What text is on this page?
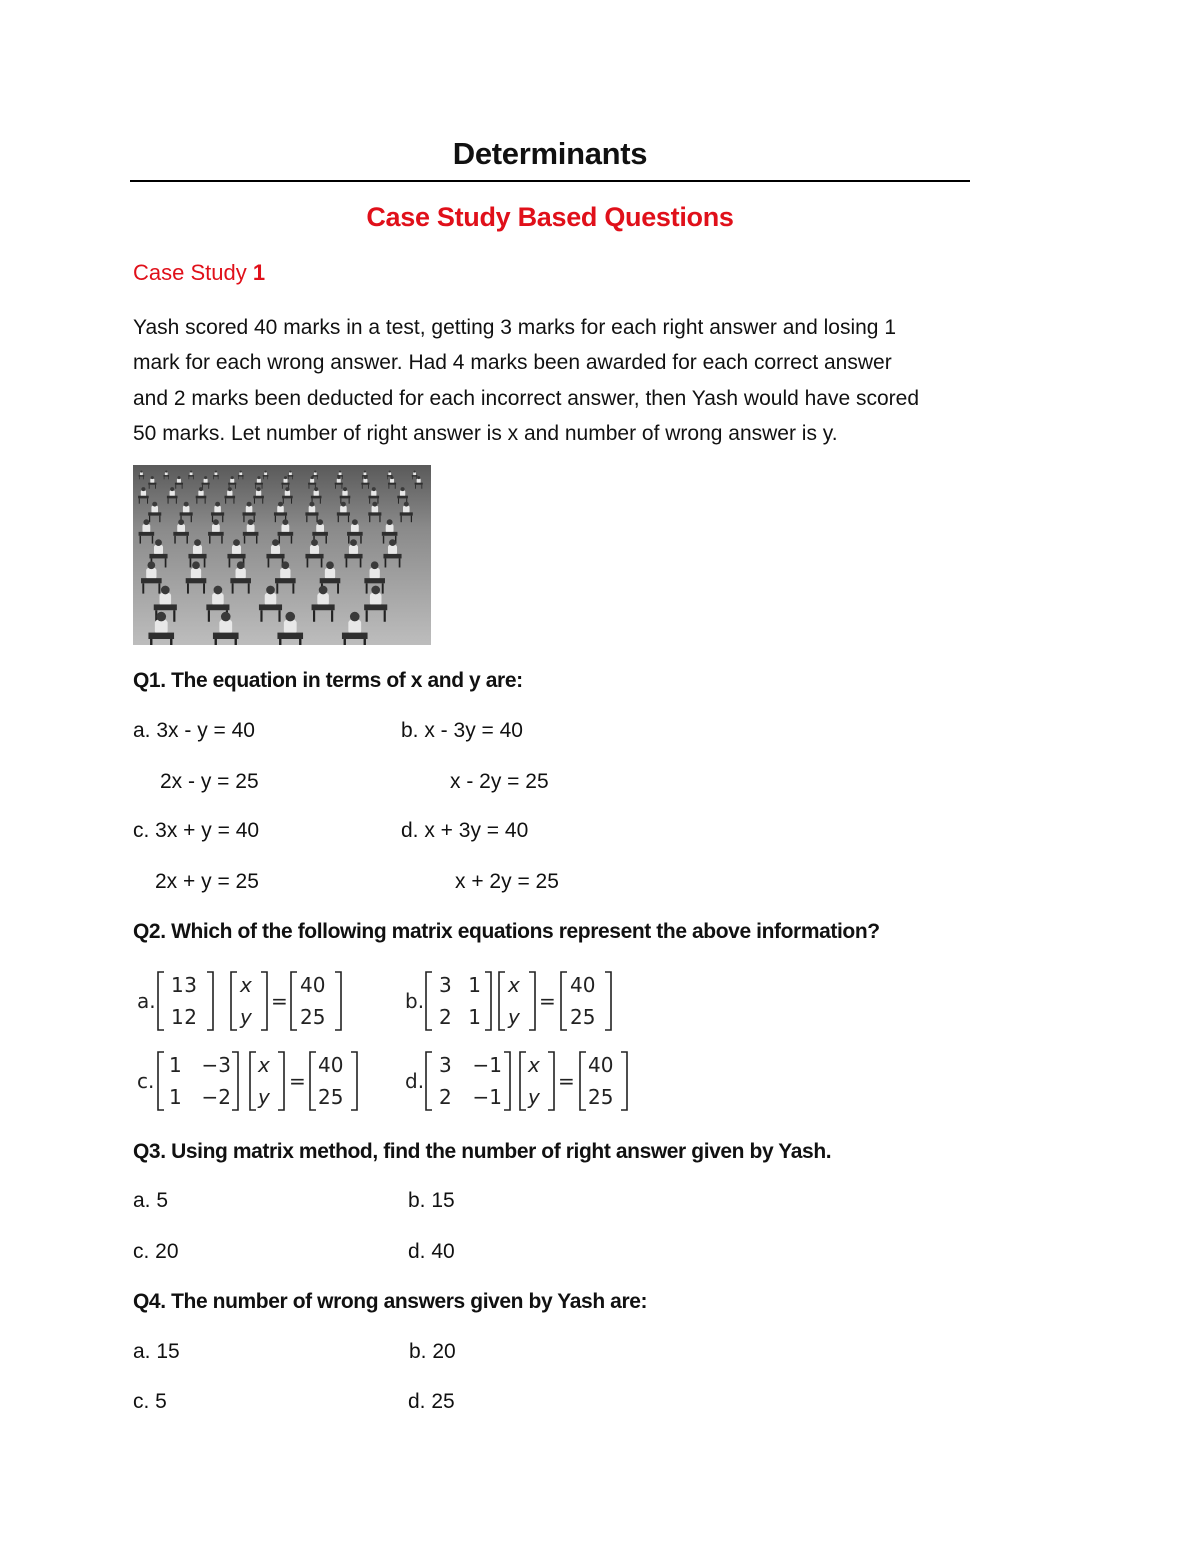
Determinants
Case Study Based Questions
Case Study 1
Yash scored 40 marks in a test, getting 3 marks for each right answer and losing 1
mark for each wrong answer. Had 4 marks been awarded for each correct answer
and 2 marks been deducted for each incorrect answer, then Yash would have scored
50 marks. Let number of right answer is x and number of wrong answer is y.
Q1. The equation in terms of x and y are:
a. 3x - y = 40
2x - y = 25
b. x - 3y = 40
x - 2y = 25
c. 3x + y = 40
2x + y = 25
d. x + 3y = 40
x + 2y = 25
Q2. Which of the following matrix equations represent the above information?
a.
1 3
1 2
x
y
=
40
25
b.
3 1
2 1
x
y
=
40
25
c.
1 −3
1 −2
x
y
=
40
25
d.
3 −1
2 −1
x
y
=
40
25
Q3. Using matrix method, find the number of right answer given by Yash.
a. 5	b. 15
c. 20	d. 40
Q4. The number of wrong answers given by Yash are:
a. 15	b. 20
c. 5	d. 25
